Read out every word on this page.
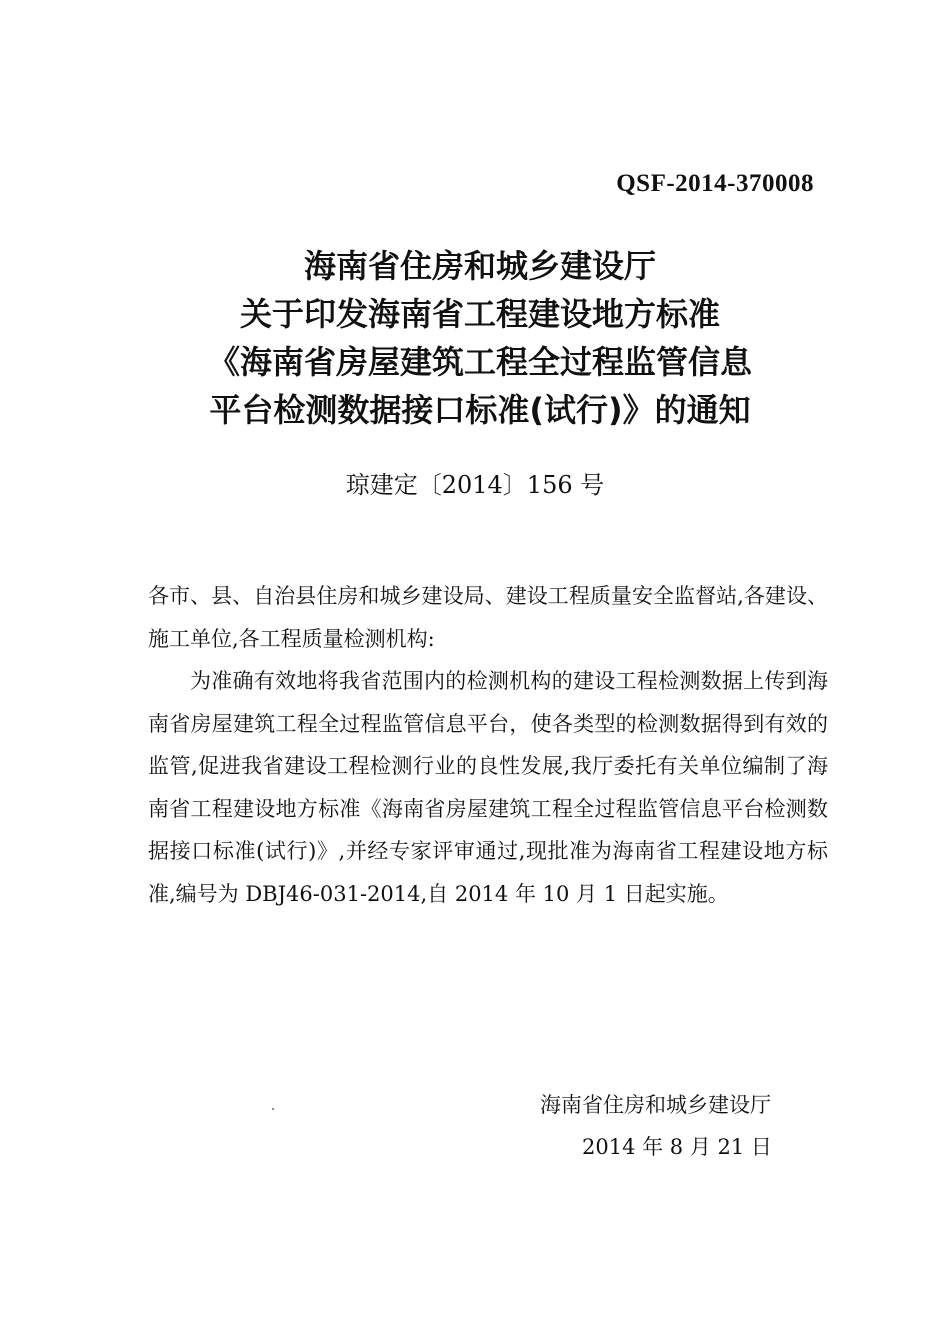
QSF-2014-370008
海南省住房和城乡建设厅
关于印发海南省工程建设地方标准
《海南省房屋建筑工程全过程监管信息
平台检测数据接口标准(试行)》的通知
琼建定〔2014〕156 号

各市、县、自治县住房和城乡建设局、建设工程质量安全监督站,各建设、施工单位,各工程质量检测机构:

为准确有效地将我省范围内的检测机构的建设工程检测数据上传到海南省房屋建筑工程全过程监管信息平台，使各类型的检测数据得到有效的监管,促进我省建设工程检测行业的良性发展,我厅委托有关单位编制了海南省工程建设地方标准《海南省房屋建筑工程全过程监管信息平台检测数据接口标准(试行)》,并经专家评审通过,现批准为海南省工程建设地方标准,编号为 DBJ46-031-2014,自 2014 年 10 月 1 日起实施。

海南省住房和城乡建设厅
2014 年 8 月 21 日
